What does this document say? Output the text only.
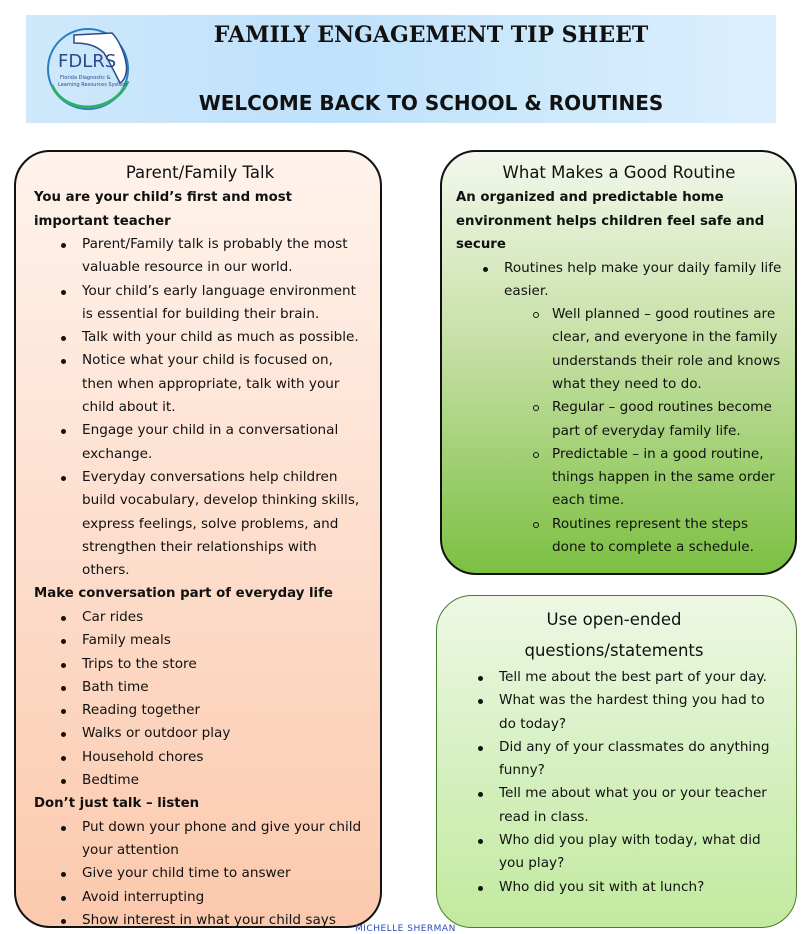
FDLRS
Florida Diagnostic &
Learning Resources System
FAMILY ENGAGEMENT TIP SHEET
WELCOME BACK TO SCHOOL & ROUTINES

Parent/Family Talk

You are your child’s first and most important teacher

Parent/Family talk is probably the most valuable resource in our world.
Your child’s early language environment is essential for building their brain.
Talk with your child as much as possible.
Notice what your child is focused on, then when appropriate, talk with your child about it.
Engage your child in a conversational exchange.
Everyday conversations help children build vocabulary, develop thinking skills, express feelings, solve problems, and strengthen their relationships with others.

Make conversation part of everyday life

Car rides
Family meals
Trips to the store
Bath time
Reading together
Walks or outdoor play
Household chores
Bedtime

Don’t just talk – listen

Put down your phone and give your child your attention
Give your child time to answer
Avoid interrupting
Show interest in what your child says

What Makes a Good Routine

An organized and predictable home environment helps children feel safe and secure

Routines help make your daily family life easier.
Well planned – good routines are clear, and everyone in the family understands their role and knows what they need to do.
Regular – good routines become part of everyday family life.
Predictable – in a good routine, things happen in the same order each time.
Routines represent the steps done to complete a schedule.

Use open-ended questions/statements

Tell me about the best part of your day.
What was the hardest thing you had to do today?
Did any of your classmates do anything funny?
Tell me about what you or your teacher read in class.
Who did you play with today, what did you play?
Who did you sit with at lunch?
MICHELLE SHERMAN
